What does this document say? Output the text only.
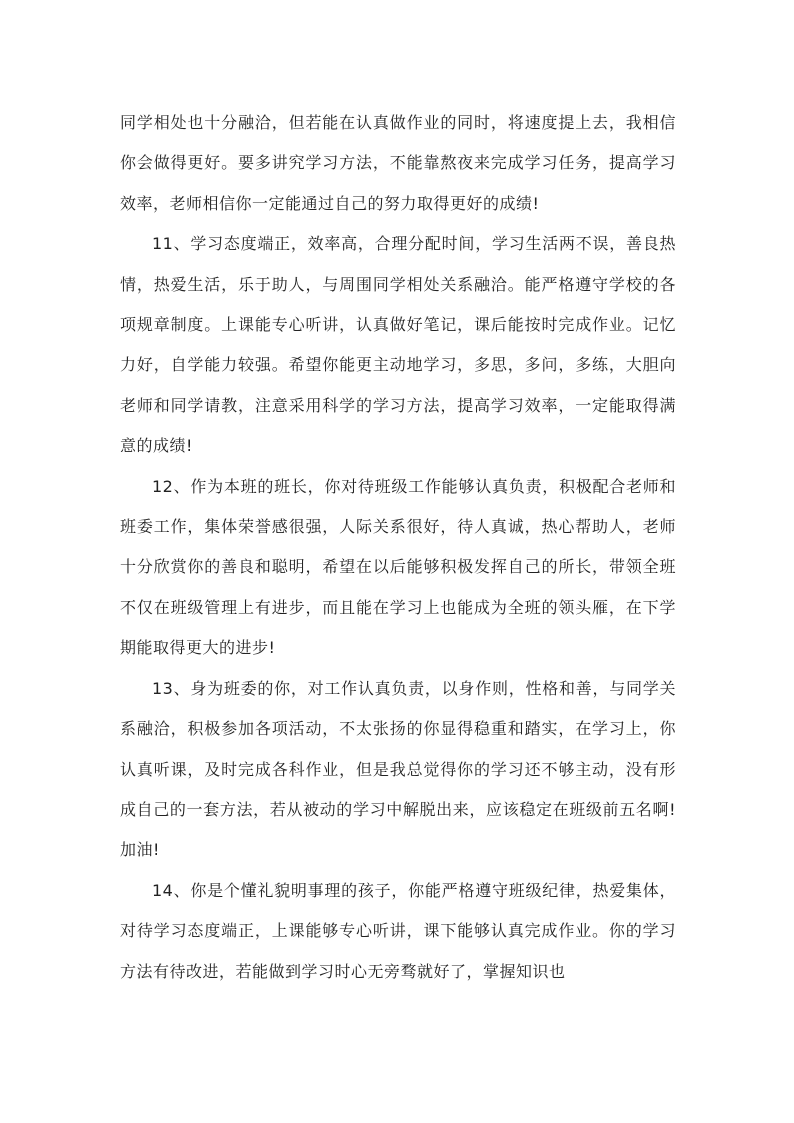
同学相处也十分融洽，但若能在认真做作业的同时，将速度提上去，我相信你会做得更好。要多讲究学习方法，不能靠熬夜来完成学习任务，提高学习效率，老师相信你一定能通过自己的努力取得更好的成绩!

11、学习态度端正，效率高，合理分配时间，学习生活两不误，善良热情，热爱生活，乐于助人，与周围同学相处关系融洽。能严格遵守学校的各项规章制度。上课能专心听讲，认真做好笔记，课后能按时完成作业。记忆力好，自学能力较强。希望你能更主动地学习，多思，多问，多练，大胆向老师和同学请教，注意采用科学的学习方法，提高学习效率，一定能取得满意的成绩!

12、作为本班的班长，你对待班级工作能够认真负责，积极配合老师和班委工作，集体荣誉感很强，人际关系很好，待人真诚，热心帮助人，老师十分欣赏你的善良和聪明，希望在以后能够积极发挥自己的所长，带领全班不仅在班级管理上有进步，而且能在学习上也能成为全班的领头雁，在下学期能取得更大的进步!

13、身为班委的你，对工作认真负责，以身作则，性格和善，与同学关系融洽，积极参加各项活动，不太张扬的你显得稳重和踏实，在学习上，你认真听课，及时完成各科作业，但是我总觉得你的学习还不够主动，没有形成自己的一套方法，若从被动的学习中解脱出来，应该稳定在班级前五名啊!加油!

14、你是个懂礼貌明事理的孩子，你能严格遵守班级纪律，热爱集体，对待学习态度端正，上课能够专心听讲，课下能够认真完成作业。你的学习方法有待改进，若能做到学习时心无旁骛就好了，掌握知识也
